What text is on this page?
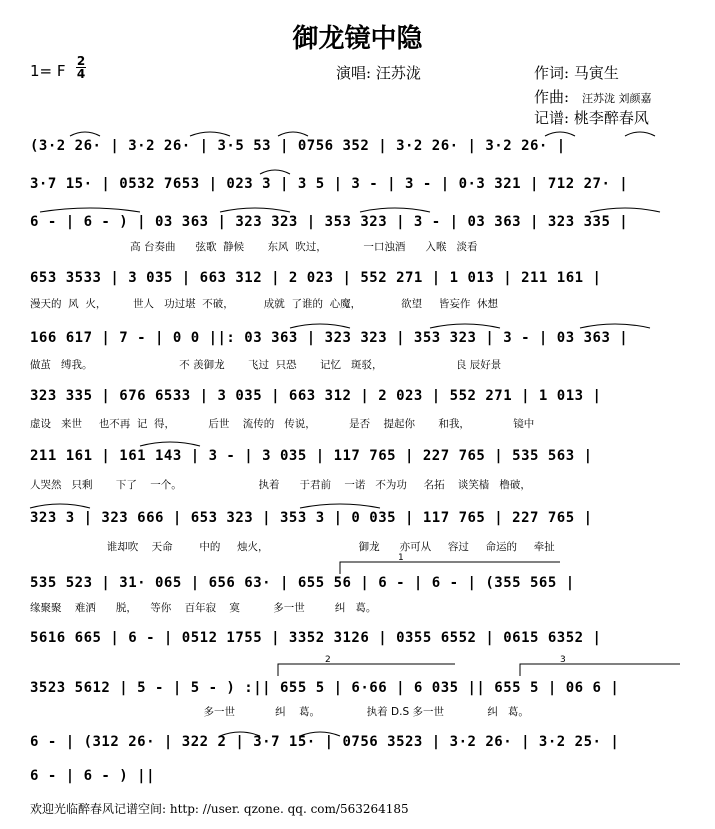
御龙镜中隐
1= F
2
4	演唱: 汪苏泷	作词: 马寅生
作曲: 汪苏泷 刘颜嘉
记谱: 桃李醉春风
(3·2 26· | 3·2 26· | 3·5 53 | 0756 352 | 3·2 26· | 3·2 26· |
3·7 15· | 0532 7653 | 023 3 | 3 5 | 3 - | 3 - | 0·3 321 | 712 27· |
6 - | 6 - ) | 03 363 | 323 323 | 353 323 | 3 - | 03 363 | 323 335 |
高 台奏曲      弦歌  静候       东风  吹过，           一口浊酒      入喉   淡看
653 3533 | 3 035 | 663 312 | 2 023 | 552 271 | 1 013 | 211 161 |
漫天的  风  火，        世人   功过堪  不破，         成就  了谁的  心魔，            欲望     皆妄作  休想
166 617 | 7 - | 0 0 ||: 03 363 | 323 323 | 353 323 | 3 - | 03 363 |
做茧   缚我。                          不 羡御龙       飞过  只恐       记忆   斑驳，                      良 辰好景
323 335 | 676 6533 | 3 035 | 663 312 | 2 023 | 552 271 | 1 013 |
虚设   来世     也不再  记  得，          后世    流传的   传说，          是否    提起你       和我，             镜中
211 161 | 161 143 | 3 - | 3 035 | 117 765 | 227 765 | 535 563 |
人哭然   只剩       下了    一个。                       执着      于君前    一诺   不为功     名拓    谈笑樯   橹破，
323 3 | 323 666 | 653 323 | 353 3 | 0 035 | 117 765 | 227 765 |
谁却吹    天命        中的     烛火，                           御龙      亦可从     容过     命运的     牵扯
535 523 | 31· 065 | 656 63· | 655 56 | 6 - | 6 - | (355 565 |
缘聚聚    难洒      脱，    等你    百年寂    寞          多一世         纠   葛。
5616 665 | 6 - | 0512 1755 | 3352 3126 | 0355 6552 | 0615 6352 |
3523 5612 | 5 - | 5 - ) :|| 655 5 | 6·66 | 6 035 || 655 5 | 06 6 |
多一世            纠    葛。              执着 D.S 多一世             纠   葛。
6 - | (312 26· | 322 2 | 3·7 15· | 0756 3523 | 3·2 26· | 3·2 25· |
6 - | 6 - ) ||
1
2	3
欢迎光临醉春风记谱空间: http: //user. qzone. qq. com/563264185
